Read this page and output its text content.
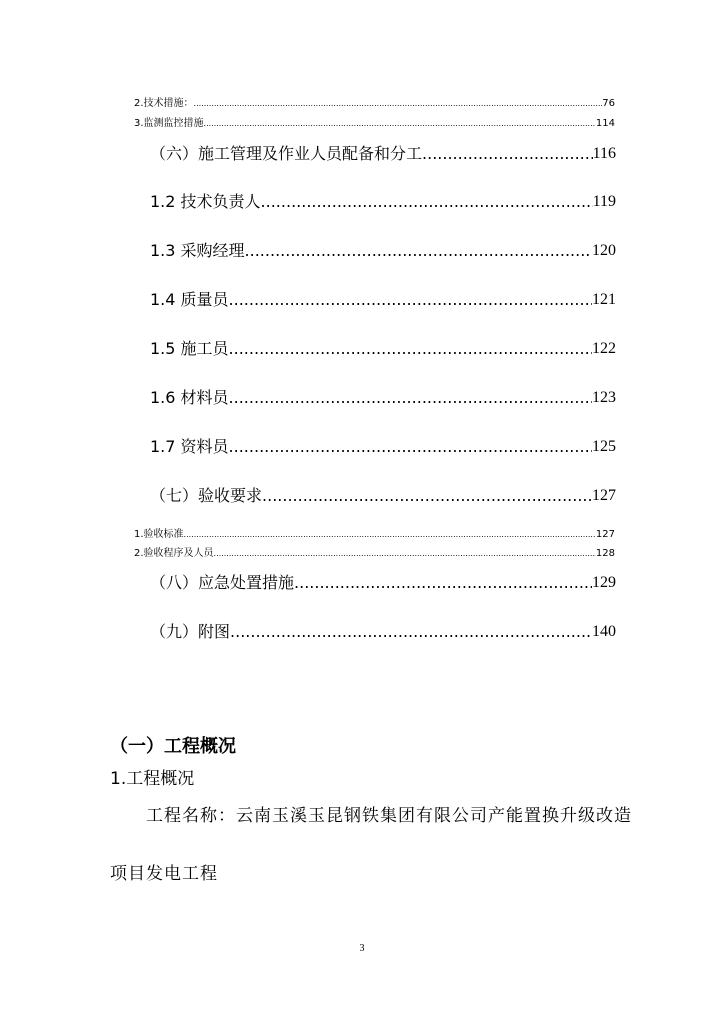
2.技术措施： .....	76
3.监测监控措施 .....	114
（六）施工管理及作业人员配备和分工 .....	116
1.2 技术负责人 .....	119
1.3 采购经理 .....	120
1.4 质量员 .....	121
1.5 施工员 .....	122
1.6 材料员 .....	123
1.7 资料员 .....	125
（七）验收要求 .....	127
1.验收标准 .....	127
2.验收程序及人员 .....	128
（八）应急处置措施 .....	129
（九）附图 .....	140
（一）工程概况
1.工程概况
工程名称：云南玉溪玉昆钢铁集团有限公司产能置换升级改造
项目发电工程
3
